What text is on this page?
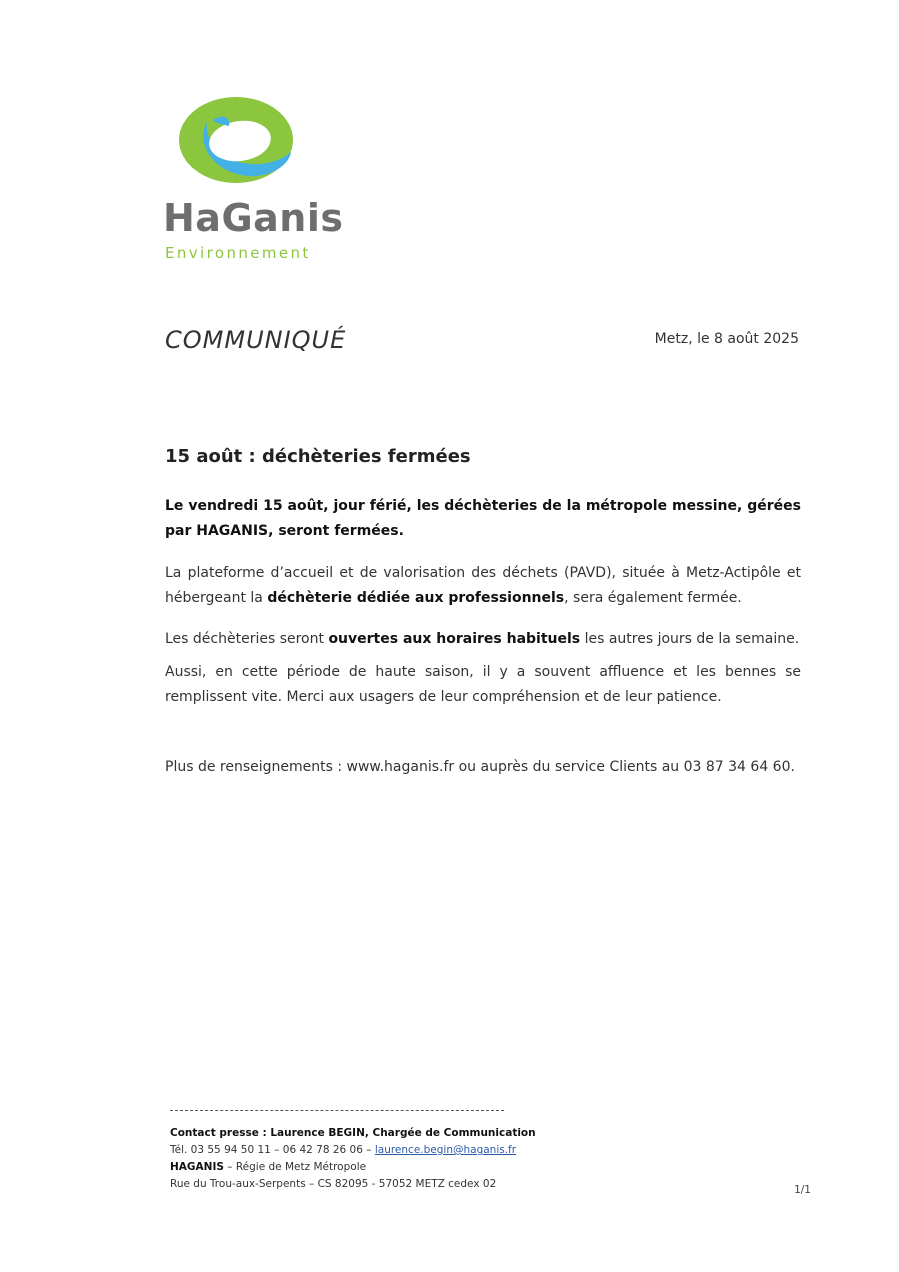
HaGanis
Environnement
COMMUNIQUÉ	Metz, le 8 août 2025
15 août : déchèteries fermées
Le vendredi 15 août, jour férié, les déchèteries de la métropole messine, gérées par HAGANIS, seront fermées.
La plateforme d’accueil et de valorisation des déchets (PAVD), située à Metz-Actipôle et hébergeant la déchèterie dédiée aux professionnels, sera également fermée.
Les déchèteries seront ouvertes aux horaires habituels les autres jours de la semaine.
Aussi, en cette période de haute saison, il y a souvent affluence et les bennes se remplissent vite. Merci aux usagers de leur compréhension et de leur patience.
Plus de renseignements : www.haganis.fr ou auprès du service Clients au 03 87 34 64 60.
Contact presse : Laurence BEGIN, Chargée de Communication
Tél. 03 55 94 50 11 – 06 42 78 26 06 – laurence.begin@haganis.fr
HAGANIS – Régie de Metz Métropole
Rue du Trou-aux-Serpents – CS 82095 - 57052 METZ cedex 02	1/1
